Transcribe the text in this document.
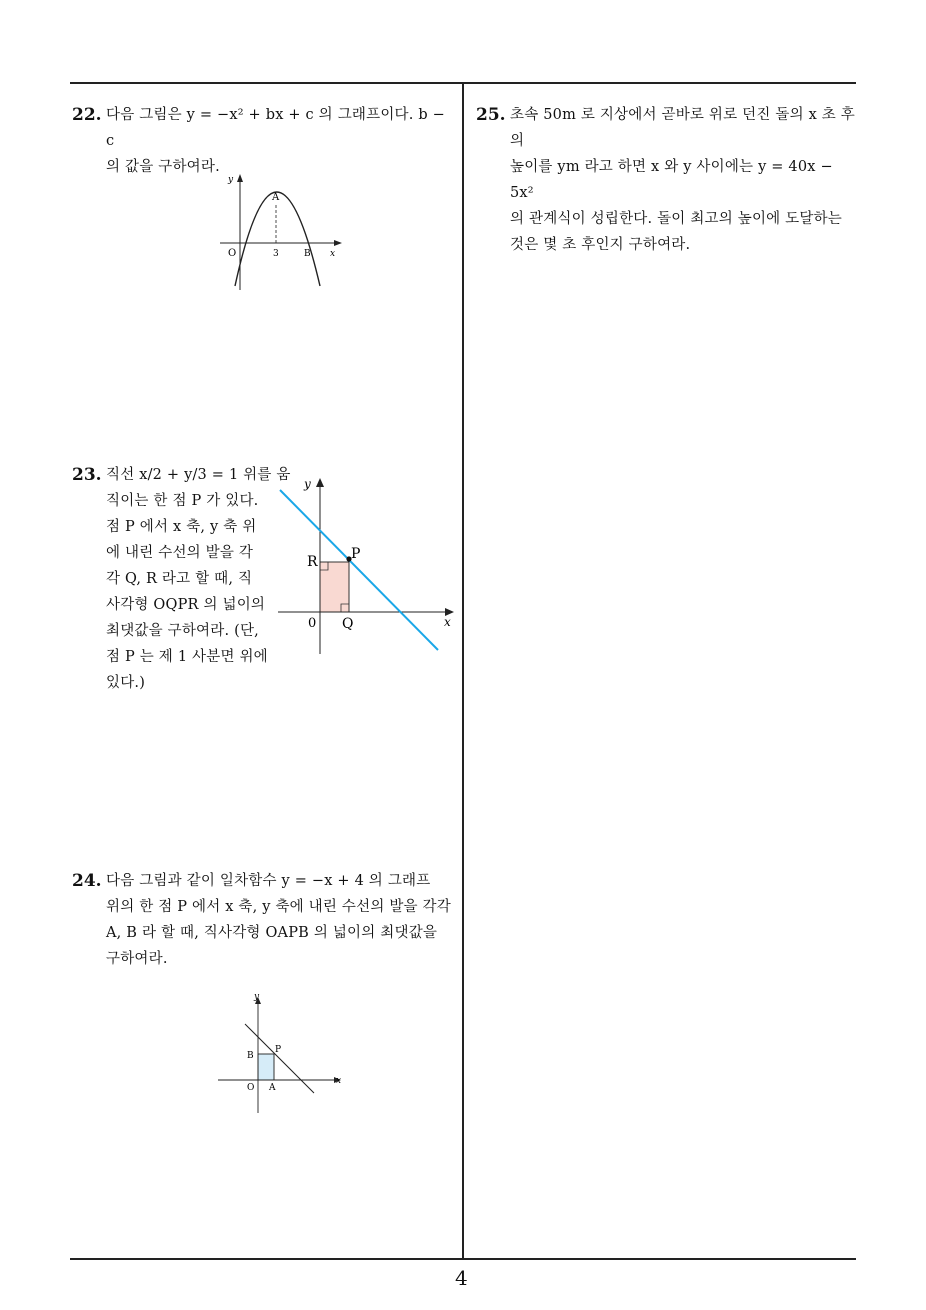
4
22. 다음 그림은 y = −x² + bx + c 의 그래프이다. b − c
의 값을 구하여라.
y
x
A
O	3	B
23. 직선 x/2 + y/3 = 1 위를 움
직이는 한 점 P 가 있다.
점 P 에서 x 축, y 축 위
에 내린 수선의 발을 각
각 Q, R 라고 할 때, 직
사각형 OQPR 의 넓이의
최댓값을 구하여라. (단,
점 P 는 제 1 사분면 위에
있다.)
y
x
P
R
Q
0
24. 다음 그림과 같이 일차함수 y = −x + 4 의 그래프
위의 한 점 P 에서 x 축, y 축에 내린 수선의 발을 각각
A, B 라 할 때, 직사각형 OAPB 의 넓이의 최댓값을
구하여라.
y
x
P
B
O A
25. 초속 50m 로 지상에서 곧바로 위로 던진 돌의 x 초 후의
높이를 ym 라고 하면 x 와 y 사이에는 y = 40x − 5x²
의 관계식이 성립한다. 돌이 최고의 높이에 도달하는
것은 몇 초 후인지 구하여라.
